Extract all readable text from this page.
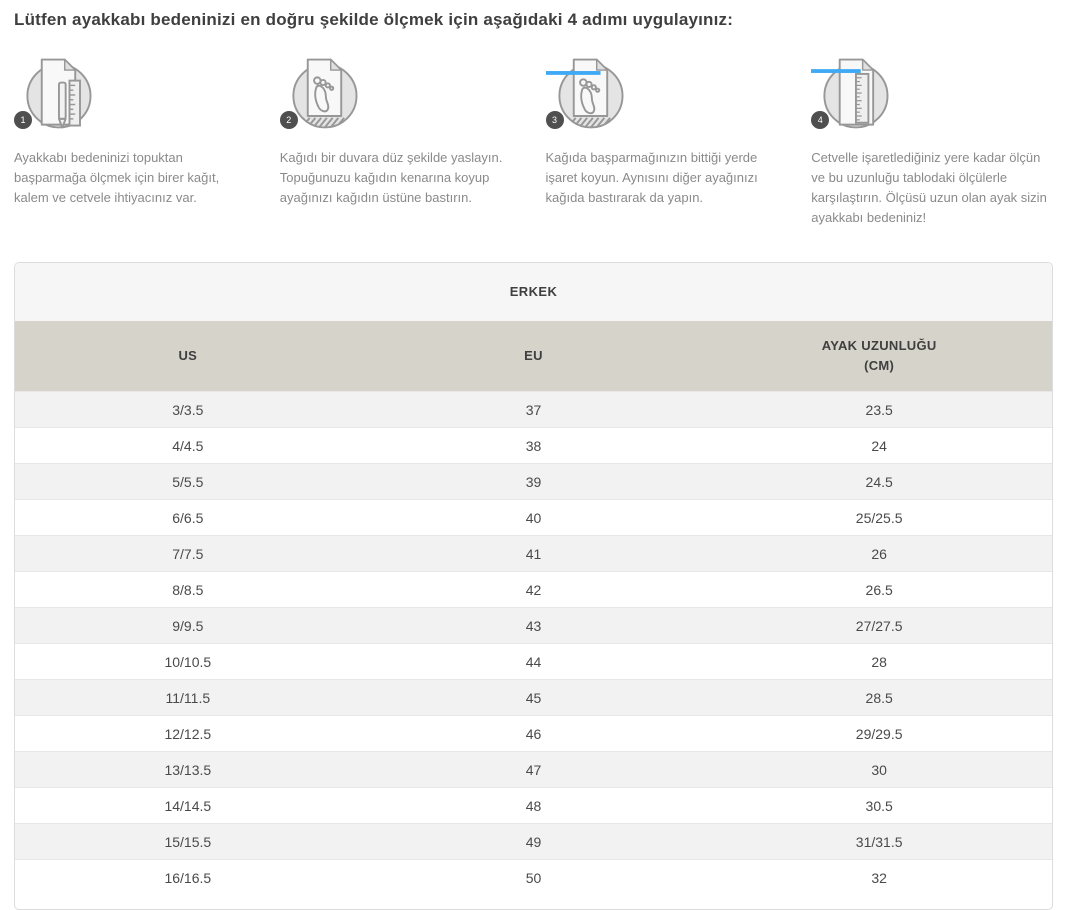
Lütfen ayakkabı bedeninizi en doğru şekilde ölçmek için aşağıdaki 4 adımı uygulayınız:
1

Ayakkabı bedeninizi topuktan başparmağa ölçmek için birer kağıt, kalem ve cetvele ihtiyacınız var.

2

Kağıdı bir duvara düz şekilde yaslayın. Topuğunuzu kağıdın kenarına koyup ayağınızı kağıdın üstüne bastırın.

3

Kağıda başparmağınızın bittiği yerde işaret koyun. Aynısını diğer ayağınızı kağıda bastırarak da yapın.

4

Cetvelle işaretlediğiniz yere kadar ölçün ve bu uzunluğu tablodaki ölçülerle karşılaştırın. Ölçüsü uzun olan ayak sizin ayakkabı bedeniniz!

ERKEK		
US	EU	AYAK UZUNLUĞU
(CM)

3/3.5	37	23.5
4/4.5	38	24
5/5.5	39	24.5
6/6.5	40	25/25.5
7/7.5	41	26
8/8.5	42	26.5
9/9.5	43	27/27.5
10/10.5	44	28
11/11.5	45	28.5
12/12.5	46	29/29.5
13/13.5	47	30
14/14.5	48	30.5
15/15.5	49	31/31.5
16/16.5	50	32
